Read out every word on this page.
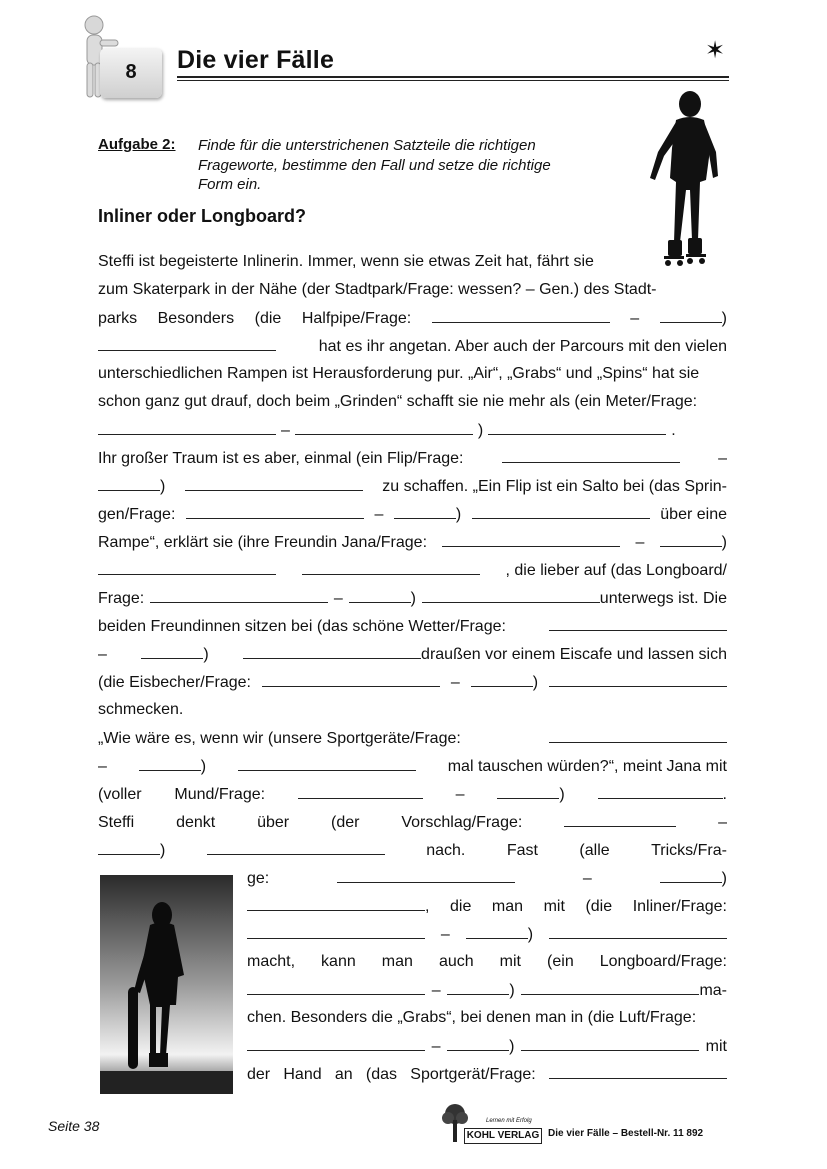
8	Die vier Fälle	✶
Aufgabe 2: Finde für die unterstrichenen Satzteile die richtigen
Frageworte, bestimme den Fall und setze die richtige
Form ein.
Inliner oder Longboard?
Steffi ist begeisterte Inlinerin. Immer, wenn sie etwas Zeit hat, fährt sie
zum Skaterpark in der Nähe (der Stadtpark/Frage: wessen? – Gen.) des Stadt-
parks Besonders (die Halfpipe/Frage:	–	)
hat es ihr angetan. Aber auch der Parcours mit den vielen
unterschiedlichen Rampen ist Herausforderung pur. „Air“, „Grabs“ und „Spins“ hat sie
schon ganz gut drauf, doch beim „Grinden“ schafft sie nie mehr als (ein Meter/Frage:
–	)	.
Ihr großer Traum ist es aber, einmal (ein Flip/Frage:	–
)	zu schaffen. „Ein Flip ist ein Salto bei (das Sprin-
gen/Frage:	–	)	über eine
Rampe“, erklärt sie (ihre Freundin Jana/Frage:	–	)
, die lieber auf (das Longboard/
Frage:	–	)	unterwegs ist. Die
beiden Freundinnen sitzen bei (das schöne Wetter/Frage:
–	)	draußen vor einem Eiscafe und lassen sich
(die Eisbecher/Frage:	–	)
schmecken.
„Wie wäre es, wenn wir (unsere Sportgeräte/Frage:
–	)	mal tauschen würden?“, meint Jana mit
(voller Mund/Frage:	–	)	.
Steffi	denkt	über	(der	Vorschlag/Frage:	–
)	nach.	Fast	(alle	Tricks/Fra-
ge:	–	)
, die man mit (die Inliner/Frage:
–	)
macht, kann man auch mit (ein Longboard/Frage:
–	)	ma-
chen. Besonders die „Grabs“, bei denen man in (die Luft/Frage:
–	)	mit
der Hand an (das Sportgerät/Frage:
Seite 38	Lernen mit Erfolg
KOHL VERLAG Die vier Fälle – Bestell-Nr. 11 892
